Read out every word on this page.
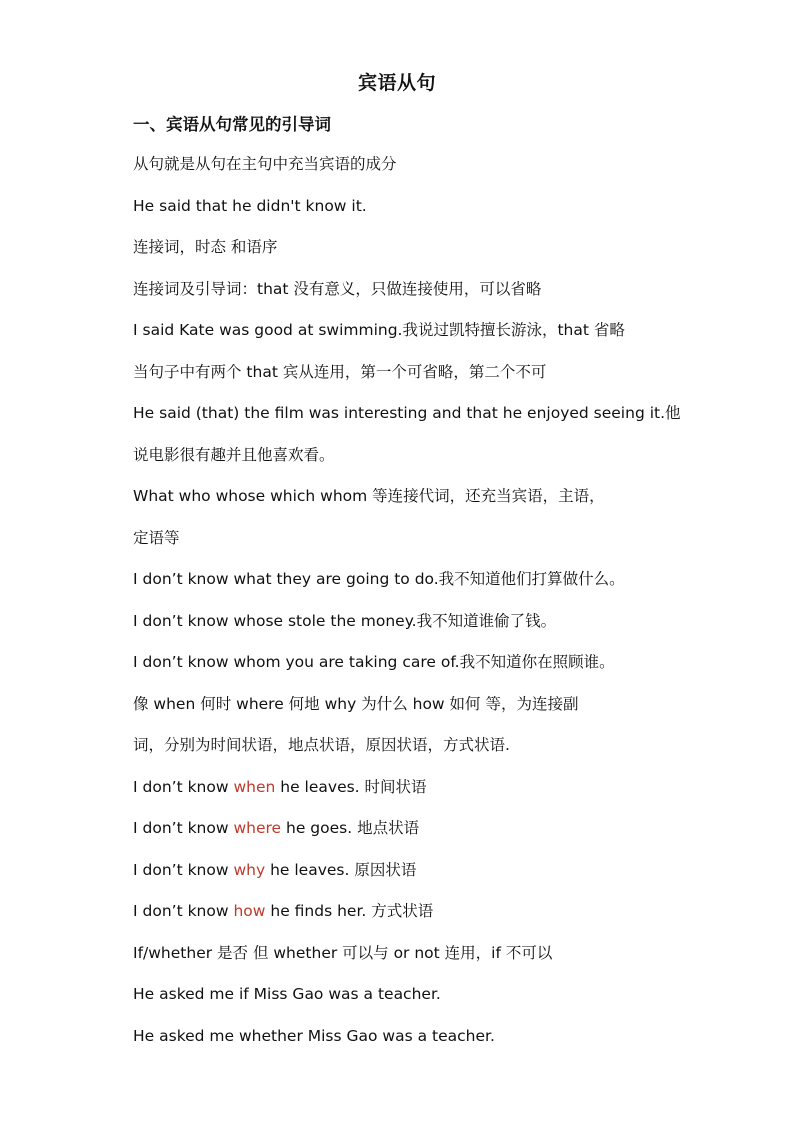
宾语从句
一、宾语从句常见的引导词
从句就是从句在主句中充当宾语的成分
He said that he didn't know it.
连接词，时态 和语序
连接词及引导词：that 没有意义，只做连接使用，可以省略
I said Kate was good at swimming.我说过凯特擅长游泳，that 省略
当句子中有两个 that 宾从连用，第一个可省略，第二个不可
He said (that) the film was interesting and that he enjoyed seeing it.他
说电影很有趣并且他喜欢看。
What who whose which whom 等连接代词，还充当宾语，主语，
定语等
I don’t know what they are going to do.我不知道他们打算做什么。
I don’t know whose stole the money.我不知道谁偷了钱。
I don’t know whom you are taking care of.我不知道你在照顾谁。
像 when 何时 where 何地 why 为什么 how 如何 等，为连接副
词，分别为时间状语，地点状语，原因状语，方式状语.
I don’t know when he leaves. 时间状语
I don’t know where he goes. 地点状语
I don’t know why he leaves. 原因状语
I don’t know how he finds her. 方式状语
If/whether 是否 但 whether 可以与 or not 连用，if 不可以
He asked me if Miss Gao was a teacher.
He asked me whether Miss Gao was a teacher.
